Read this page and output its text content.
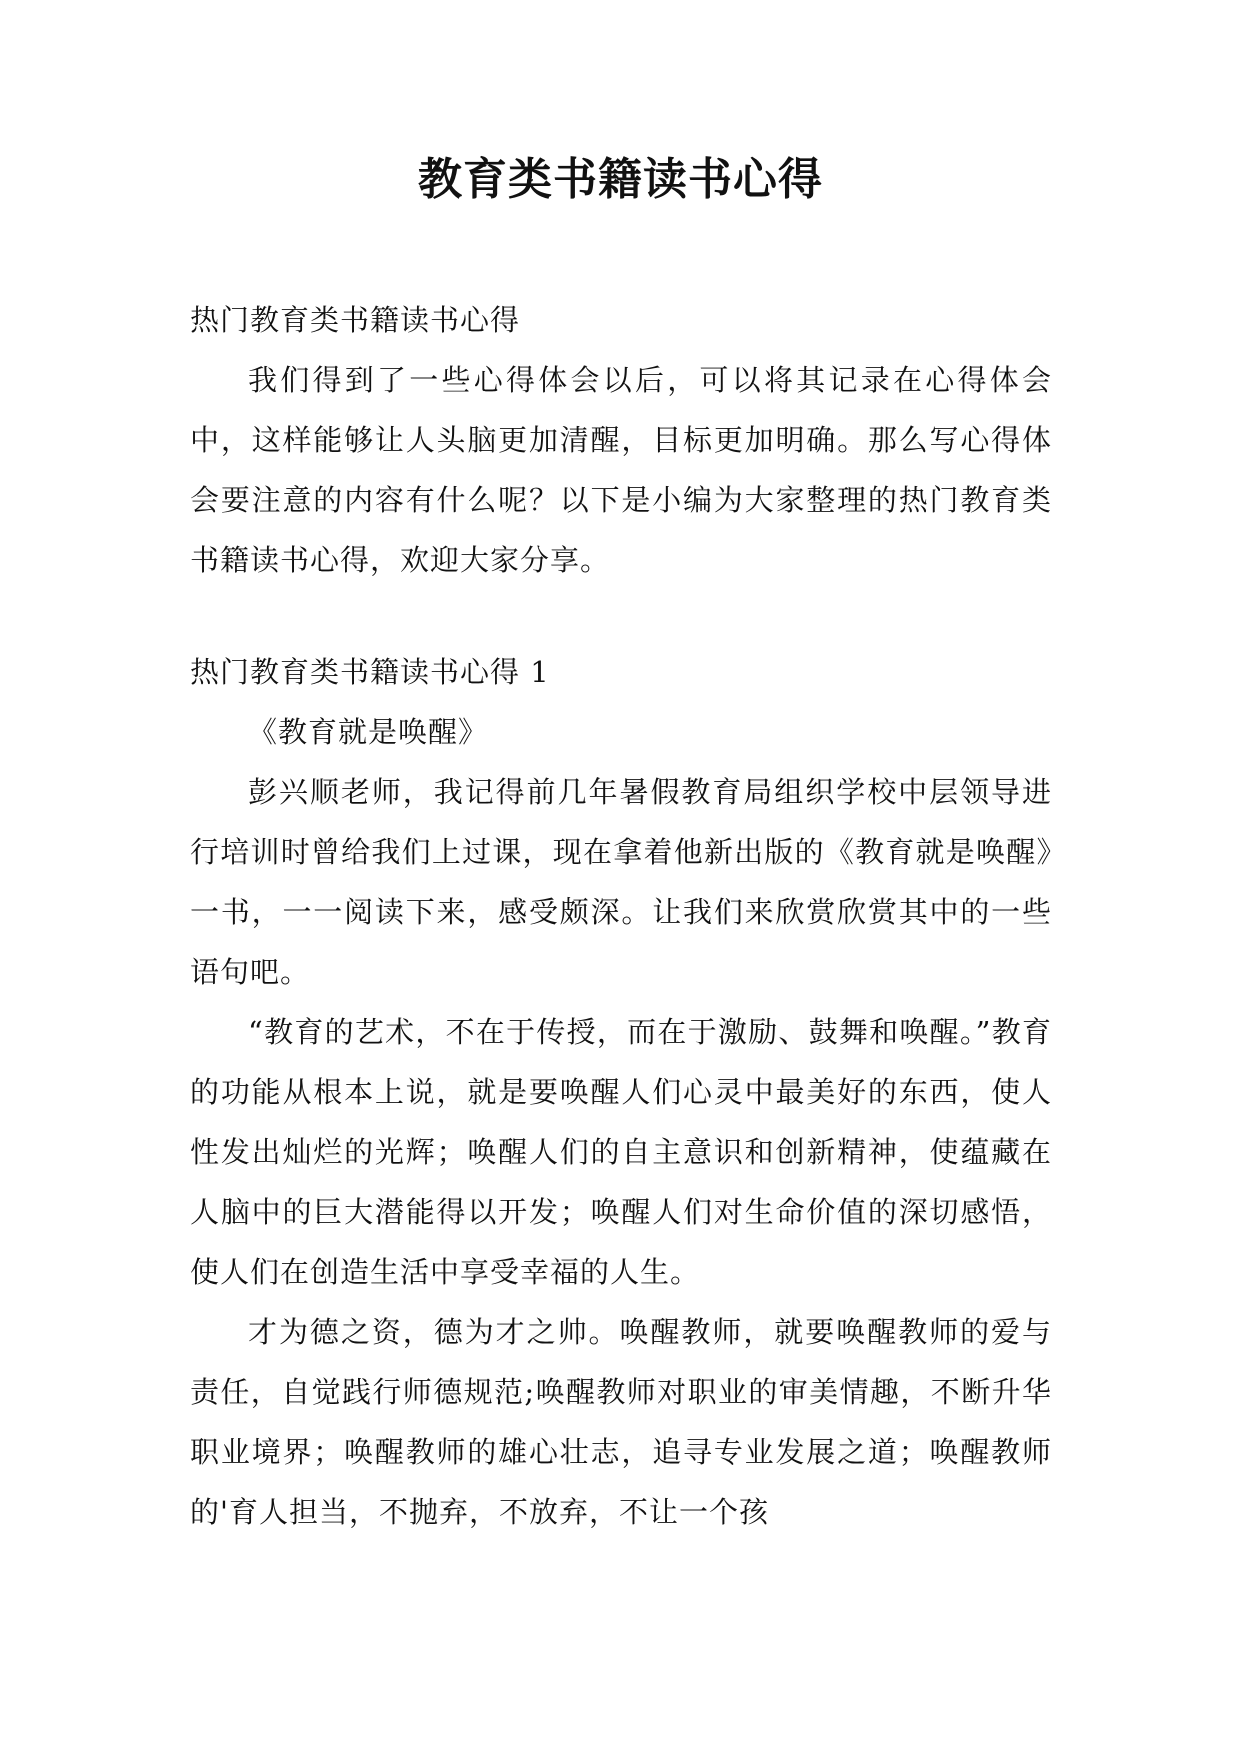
教育类书籍读书心得

热门教育类书籍读书心得

我们得到了一些心得体会以后，可以将其记录在心得体会中，这样能够让人头脑更加清醒，目标更加明确。那么写心得体会要注意的内容有什么呢？以下是小编为大家整理的热门教育类书籍读书心得，欢迎大家分享。

热门教育类书籍读书心得 1

《教育就是唤醒》

彭兴顺老师，我记得前几年暑假教育局组织学校中层领导进行培训时曾给我们上过课，现在拿着他新出版的《教育就是唤醒》一书，一一阅读下来，感受颇深。让我们来欣赏欣赏其中的一些语句吧。

“教育的艺术，不在于传授，而在于激励、鼓舞和唤醒。”教育的功能从根本上说，就是要唤醒人们心灵中最美好的东西，使人性发出灿烂的光辉；唤醒人们的自主意识和创新精神，使蕴藏在人脑中的巨大潜能得以开发；唤醒人们对生命价值的深切感悟，使人们在创造生活中享受幸福的人生。

才为德之资，德为才之帅。唤醒教师，就要唤醒教师的爱与责任，自觉践行师德规范;唤醒教师对职业的审美情趣，不断升华职业境界；唤醒教师的雄心壮志，追寻专业发展之道；唤醒教师的'育人担当，不抛弃，不放弃，不让一个孩
